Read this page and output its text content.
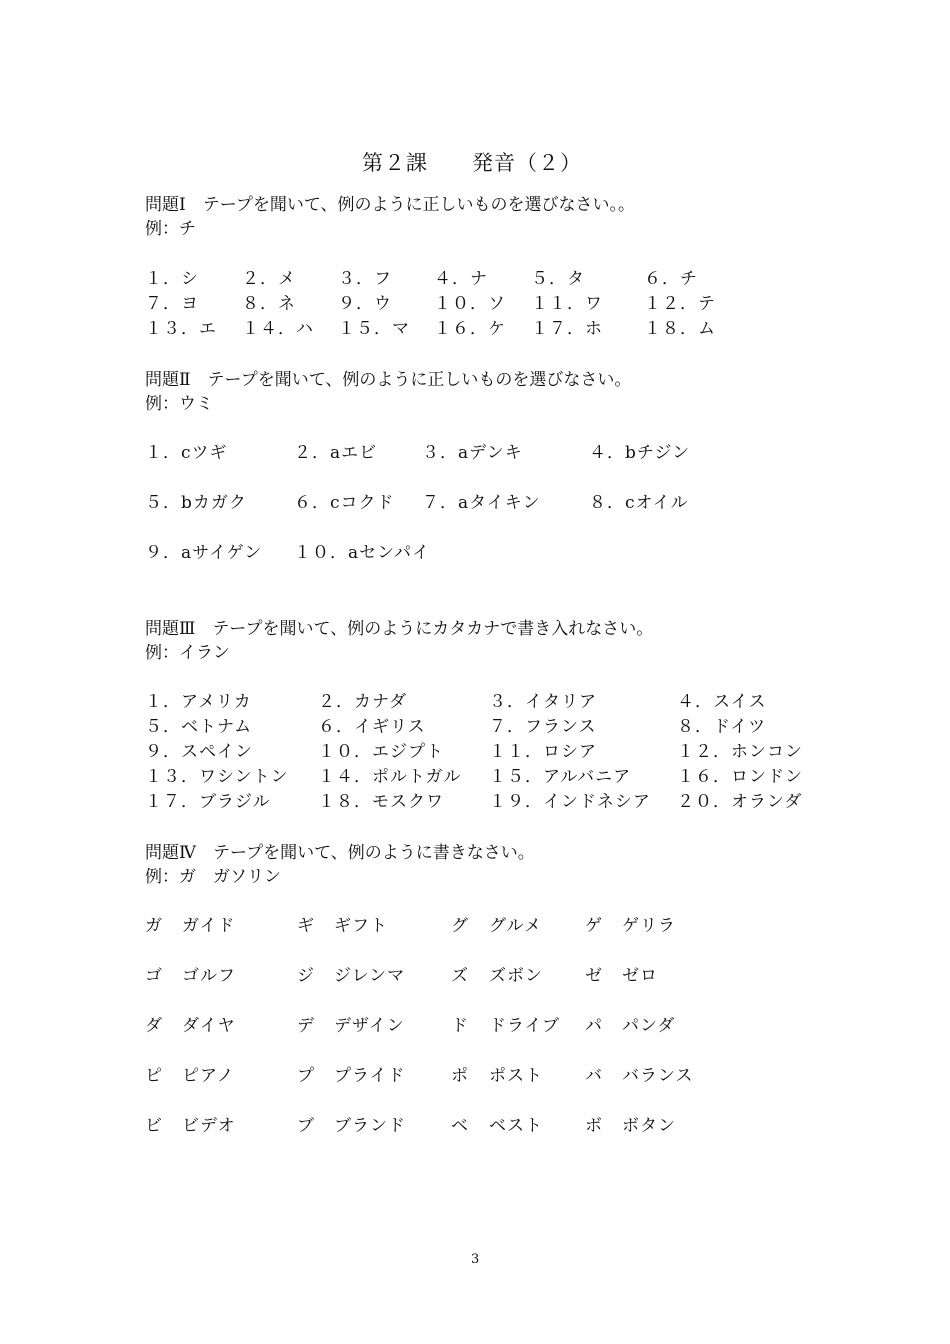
第２課　　発音（２）
問題Ⅰ　テープを聞いて、例のように正しいものを選びなさい。。
例：チ
１．シ	２．メ ３．フ ４．ナ	５．タ	６．チ
７．ヨ	８．ネ ９．ウ １０．ソ １１．ワ １２．テ
１３．エ １４．ハ １５．マ １６．ケ １７．ホ １８．ム
問題Ⅱ　テープを聞いて、例のように正しいものを選びなさい。
例：ウミ
１．cツギ	２．aエビ	３．aデンキ	４．bチジン
５．bカガク	６．cコクド ７．aタイキン	８．cオイル
９．aサイゲン １０．aセンパイ
問題Ⅲ　テープを聞いて、例のようにカタカナで書き入れなさい。
例：イラン
１．アメリカ	２．カナダ	３．イタリア	４．スイス
５．ベトナム	６．イギリス	７．フランス	８．ドイツ
９．スペイン	１０．エジプト	１１．ロシア	１２．ホンコン
１３．ワシントン １４．ポルトガル １５．アルバニア	１６．ロンドン
１７．ブラジル	１８．モスクワ	１９．インドネシア ２０．オランダ
問題Ⅳ　テープを聞いて、例のように書きなさい。
例：ガ　ガソリン
ガ ガイド	ギ ギフト	グ グルメ	ゲ ゲリラ
ゴ ゴルフ	ジ ジレンマ	ズ ズボン ゼ ゼロ
ダ ダイヤ	デ デザイン	ド ドライブ パ パンダ
ピ ピアノ	プ プライド	ポ ポスト バ バランス
ビ ビデオ	ブ ブランド	ベ ベスト ボ ボタン
3
